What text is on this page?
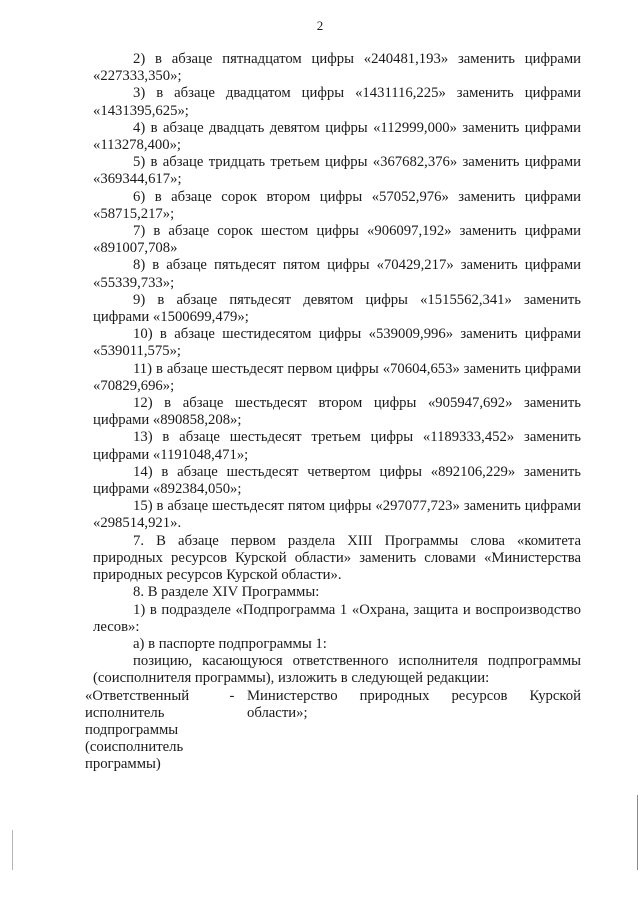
2

2) в абзаце пятнадцатом цифры «240481,193» заменить цифрами «227333,350»;

3) в абзаце двадцатом цифры «1431116,225» заменить цифрами «1431395,625»;

4) в абзаце двадцать девятом цифры «112999,000» заменить цифрами «113278,400»;

5) в абзаце тридцать третьем цифры «367682,376» заменить цифрами «369344,617»;

6) в абзаце сорок втором цифры «57052,976» заменить цифрами «58715,217»;

7) в абзаце сорок шестом цифры «906097,192» заменить цифрами «891007,708»

8) в абзаце пятьдесят пятом цифры «70429,217» заменить цифрами «55339,733»;

9) в абзаце пятьдесят девятом цифры «1515562,341» заменить цифрами «1500699,479»;

10) в абзаце шестидесятом цифры «539009,996» заменить цифрами «539011,575»;

11) в абзаце шестьдесят первом цифры «70604,653» заменить цифрами «70829,696»;

12) в абзаце шестьдесят втором цифры «905947,692» заменить цифрами «890858,208»;

13) в абзаце шестьдесят третьем цифры «1189333,452» заменить цифрами «1191048,471»;

14) в абзаце шестьдесят четвертом цифры «892106,229» заменить цифрами «892384,050»;

15) в абзаце шестьдесят пятом цифры «297077,723» заменить цифрами «298514,921».

7. В абзаце первом раздела XIII Программы слова «комитета природных ресурсов Курской области» заменить словами «Министерства природных ресурсов Курской области».

8. В разделе XIV Программы:

1) в подразделе «Подпрограмма 1 «Охрана, защита и воспроизводство лесов»:

а) в паспорте подпрограммы 1:

позицию, касающуюся ответственного исполнителя подпрограммы (соисполнителя программы), изложить в следующей редакции:

«Ответственный исполнитель подпрограммы (соисполнитель программы)
- Министерство природных ресурсов Курской области»;
